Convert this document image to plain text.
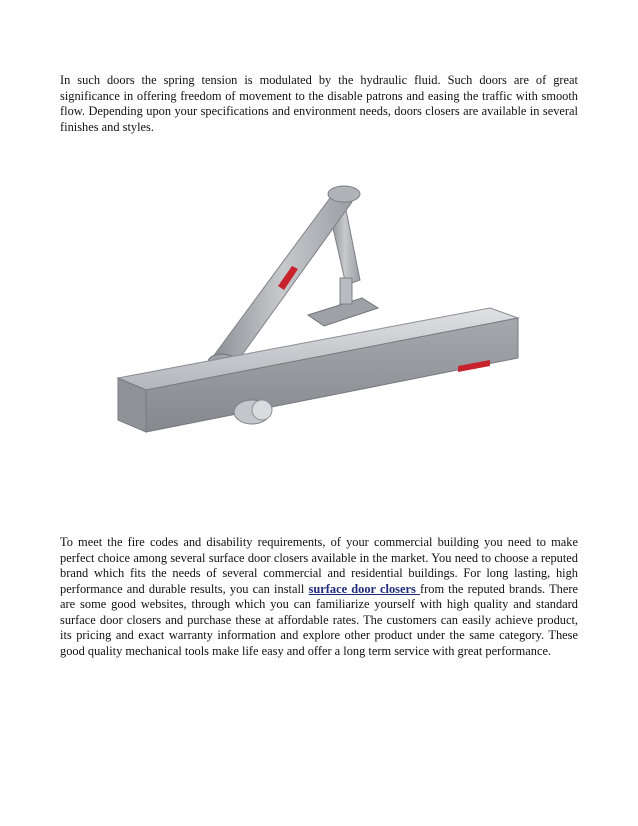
In such doors the spring tension is modulated by the hydraulic fluid. Such doors are of great significance in offering freedom of movement to the disable patrons and easing the traffic with smooth flow. Depending upon your specifications and environment needs, doors closers are available in several finishes and styles.

To meet the fire codes and disability requirements, of your commercial building you need to make perfect choice among several surface door closers available in the market. You need to choose a reputed brand which fits the needs of several commercial and residential buildings. For long lasting, high performance and durable results, you can install surface door closers from the reputed brands. There are some good websites, through which you can familiarize yourself with high quality and standard surface door closers and purchase these at affordable rates. The customers can easily achieve product, its pricing and exact warranty information and explore other product under the same category. These good quality mechanical tools make life easy and offer a long term service with great performance.
